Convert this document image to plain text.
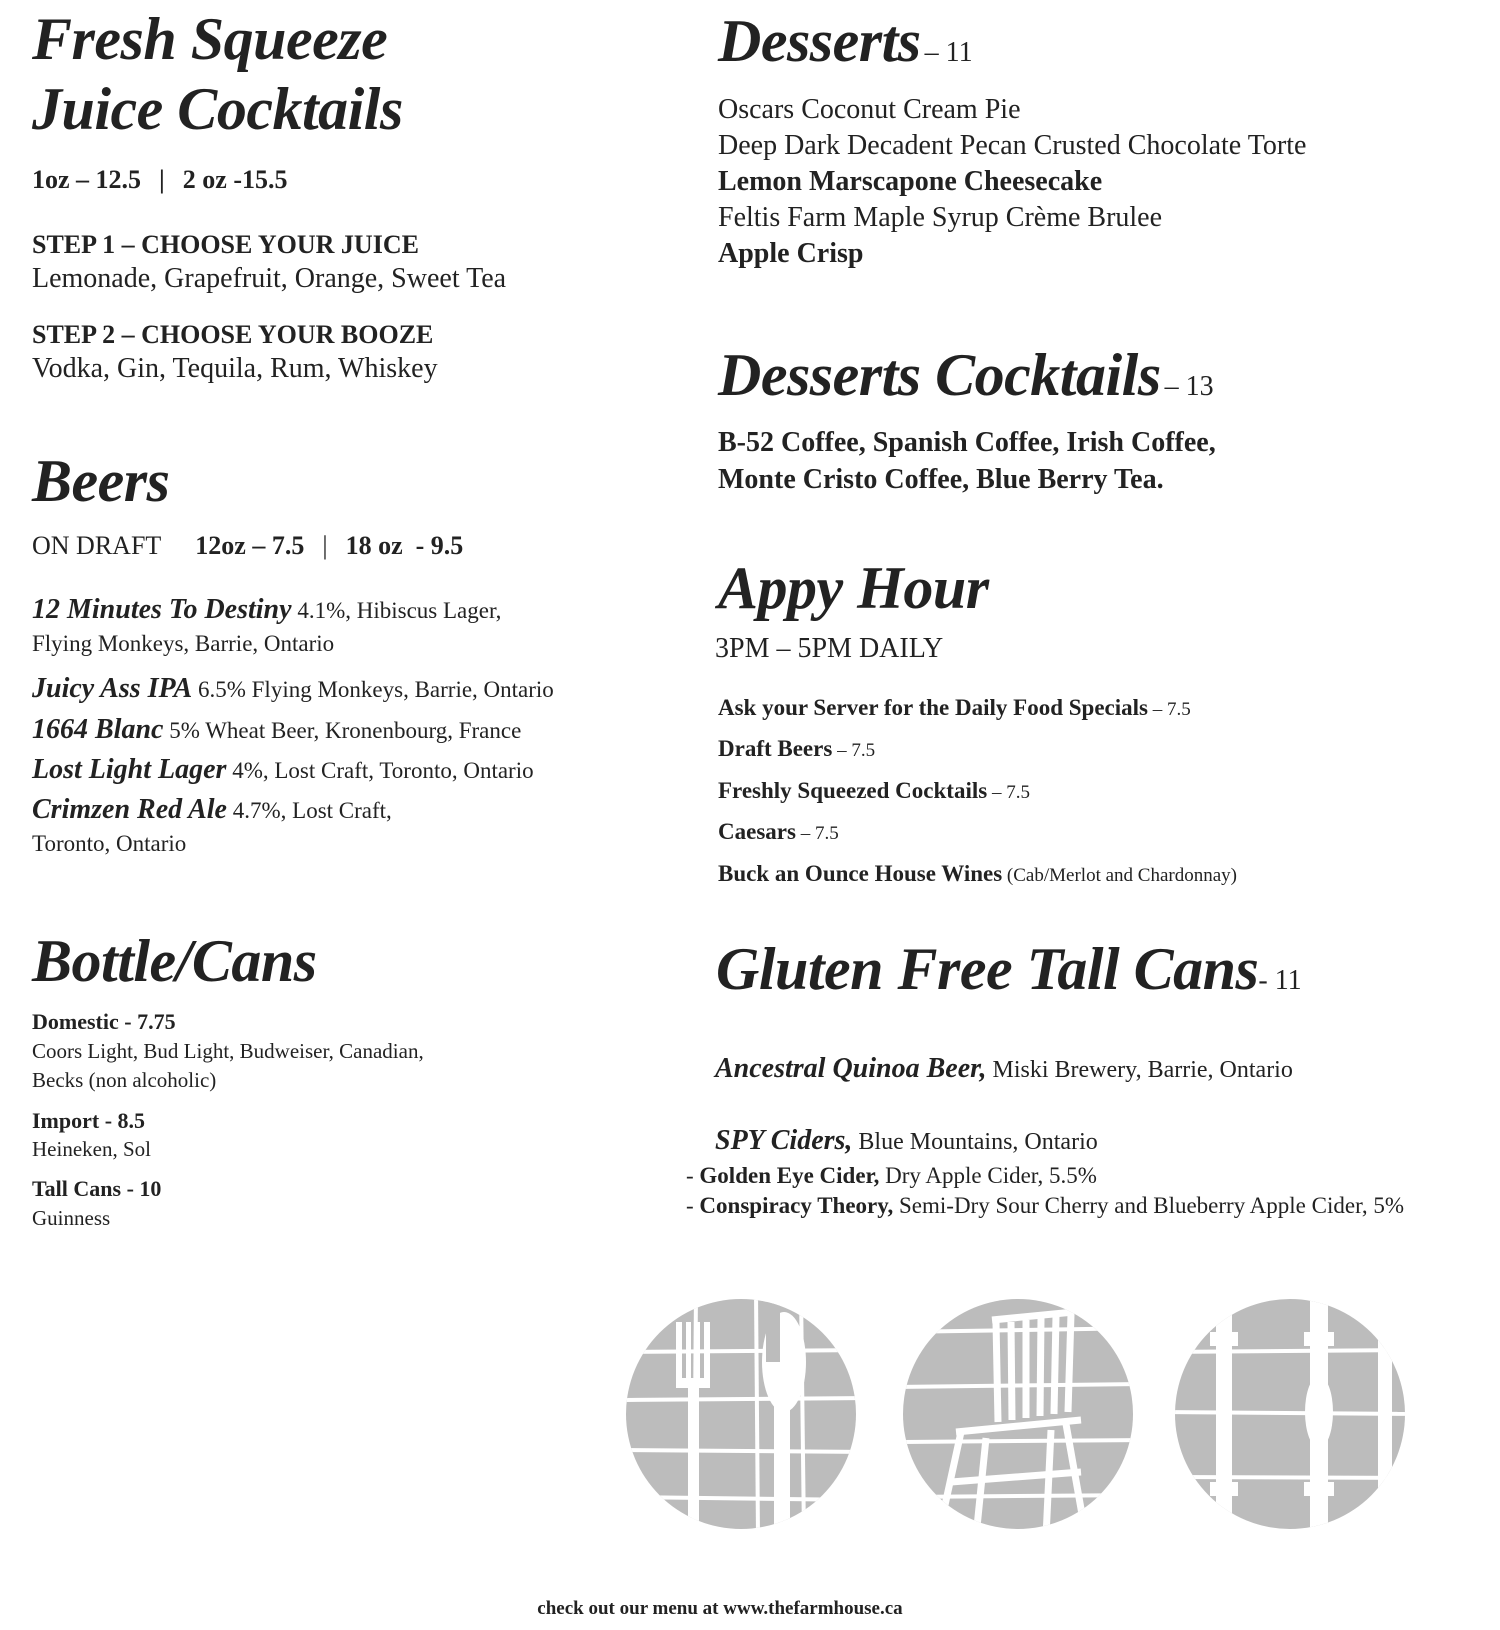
Fresh Squeeze
Juice Cocktails
1oz – 12.5 | 2 oz -15.5
STEP 1 – CHOOSE YOUR JUICE
Lemonade, Grapefruit, Orange, Sweet Tea
STEP 2 – CHOOSE YOUR BOOZE
Vodka, Gin, Tequila, Rum, Whiskey
Beers
ON DRAFT 12oz – 7.5 | 18 oz  - 9.5
12 Minutes To Destiny 4.1%, Hibiscus Lager,
Flying Monkeys, Barrie, Ontario
Juicy Ass IPA 6.5% Flying Monkeys, Barrie, Ontario
1664 Blanc 5% Wheat Beer, Kronenbourg, France
Lost Light Lager 4%, Lost Craft, Toronto, Ontario
Crimzen Red Ale 4.7%, Lost Craft,
Toronto, Ontario
Bottle/Cans
Domestic - 7.75
Coors Light, Bud Light, Budweiser, Canadian,
Becks (non alcoholic)
Import - 8.5
Heineken, Sol
Tall Cans - 10
Guinness
Desserts – 11
Oscars Coconut Cream Pie
Deep Dark Decadent Pecan Crusted Chocolate Torte
Lemon Marscapone Cheesecake
Feltis Farm Maple Syrup Crème Brulee
Apple Crisp
Desserts Cocktails – 13
B-52 Coffee, Spanish Coffee, Irish Coffee,
Monte Cristo Coffee, Blue Berry Tea.
Appy Hour
3PM – 5PM DAILY
Ask your Server for the Daily Food Specials – 7.5
Draft Beers – 7.5
Freshly Squeezed Cocktails – 7.5
Caesars – 7.5
Buck an Ounce House Wines (Cab/Merlot and Chardonnay)
Gluten Free Tall Cans- 11
Ancestral Quinoa Beer, Miski Brewery, Barrie, Ontario
SPY Ciders, Blue Mountains, Ontario
- Golden Eye Cider, Dry Apple Cider, 5.5%
- Conspiracy Theory, Semi-Dry Sour Cherry and Blueberry Apple Cider, 5%
check out our menu at www.thefarmhouse.ca
